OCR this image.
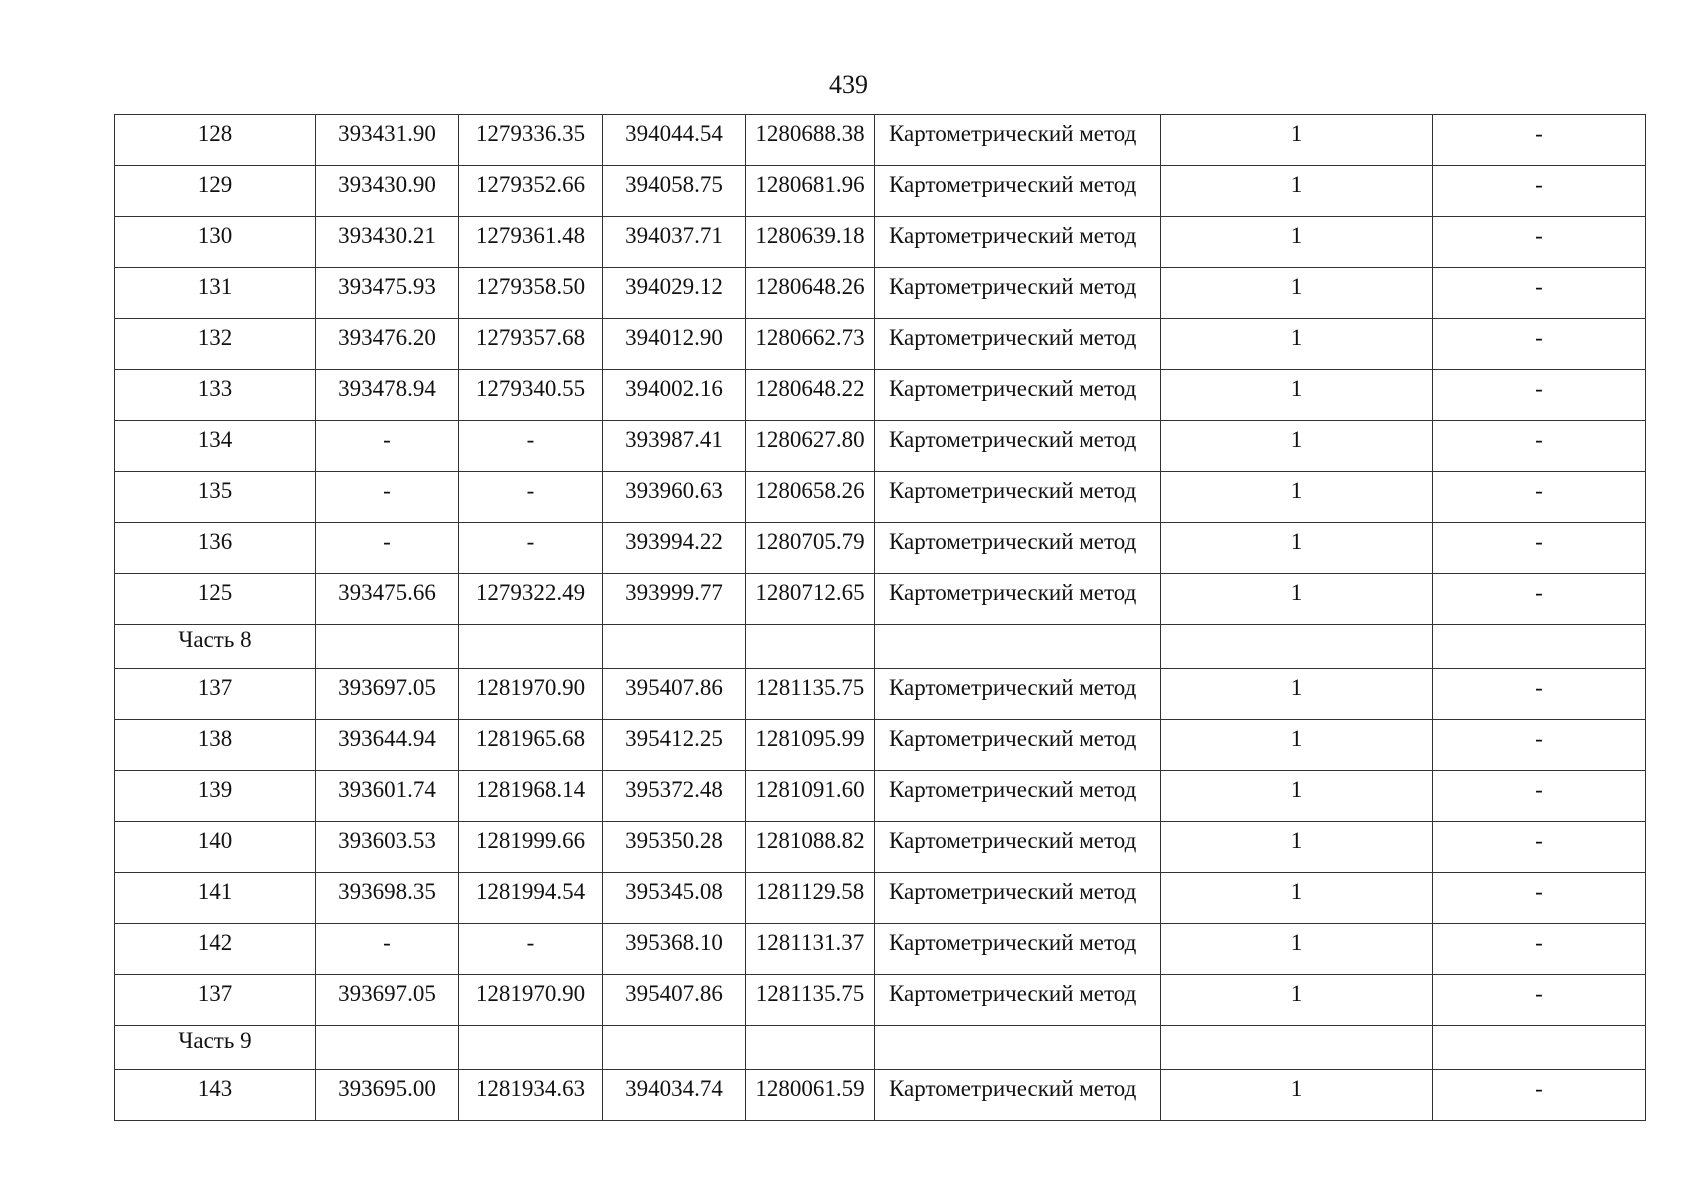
439
128	393431.90	1279336.35	394044.54	1280688.38	Картометрический метод	1	-
129	393430.90	1279352.66	394058.75	1280681.96	Картометрический метод	1	-
130	393430.21	1279361.48	394037.71	1280639.18	Картометрический метод	1	-
131	393475.93	1279358.50	394029.12	1280648.26	Картометрический метод	1	-
132	393476.20	1279357.68	394012.90	1280662.73	Картометрический метод	1	-
133	393478.94	1279340.55	394002.16	1280648.22	Картометрический метод	1	-
134	-	-	393987.41	1280627.80	Картометрический метод	1	-
135	-	-	393960.63	1280658.26	Картометрический метод	1	-
136	-	-	393994.22	1280705.79	Картометрический метод	1	-
125	393475.66	1279322.49	393999.77	1280712.65	Картометрический метод	1	-
Часть 8							
137	393697.05	1281970.90	395407.86	1281135.75	Картометрический метод	1	-
138	393644.94	1281965.68	395412.25	1281095.99	Картометрический метод	1	-
139	393601.74	1281968.14	395372.48	1281091.60	Картометрический метод	1	-
140	393603.53	1281999.66	395350.28	1281088.82	Картометрический метод	1	-
141	393698.35	1281994.54	395345.08	1281129.58	Картометрический метод	1	-
142	-	-	395368.10	1281131.37	Картометрический метод	1	-
137	393697.05	1281970.90	395407.86	1281135.75	Картометрический метод	1	-
Часть 9							
143	393695.00	1281934.63	394034.74	1280061.59	Картометрический метод	1	-
